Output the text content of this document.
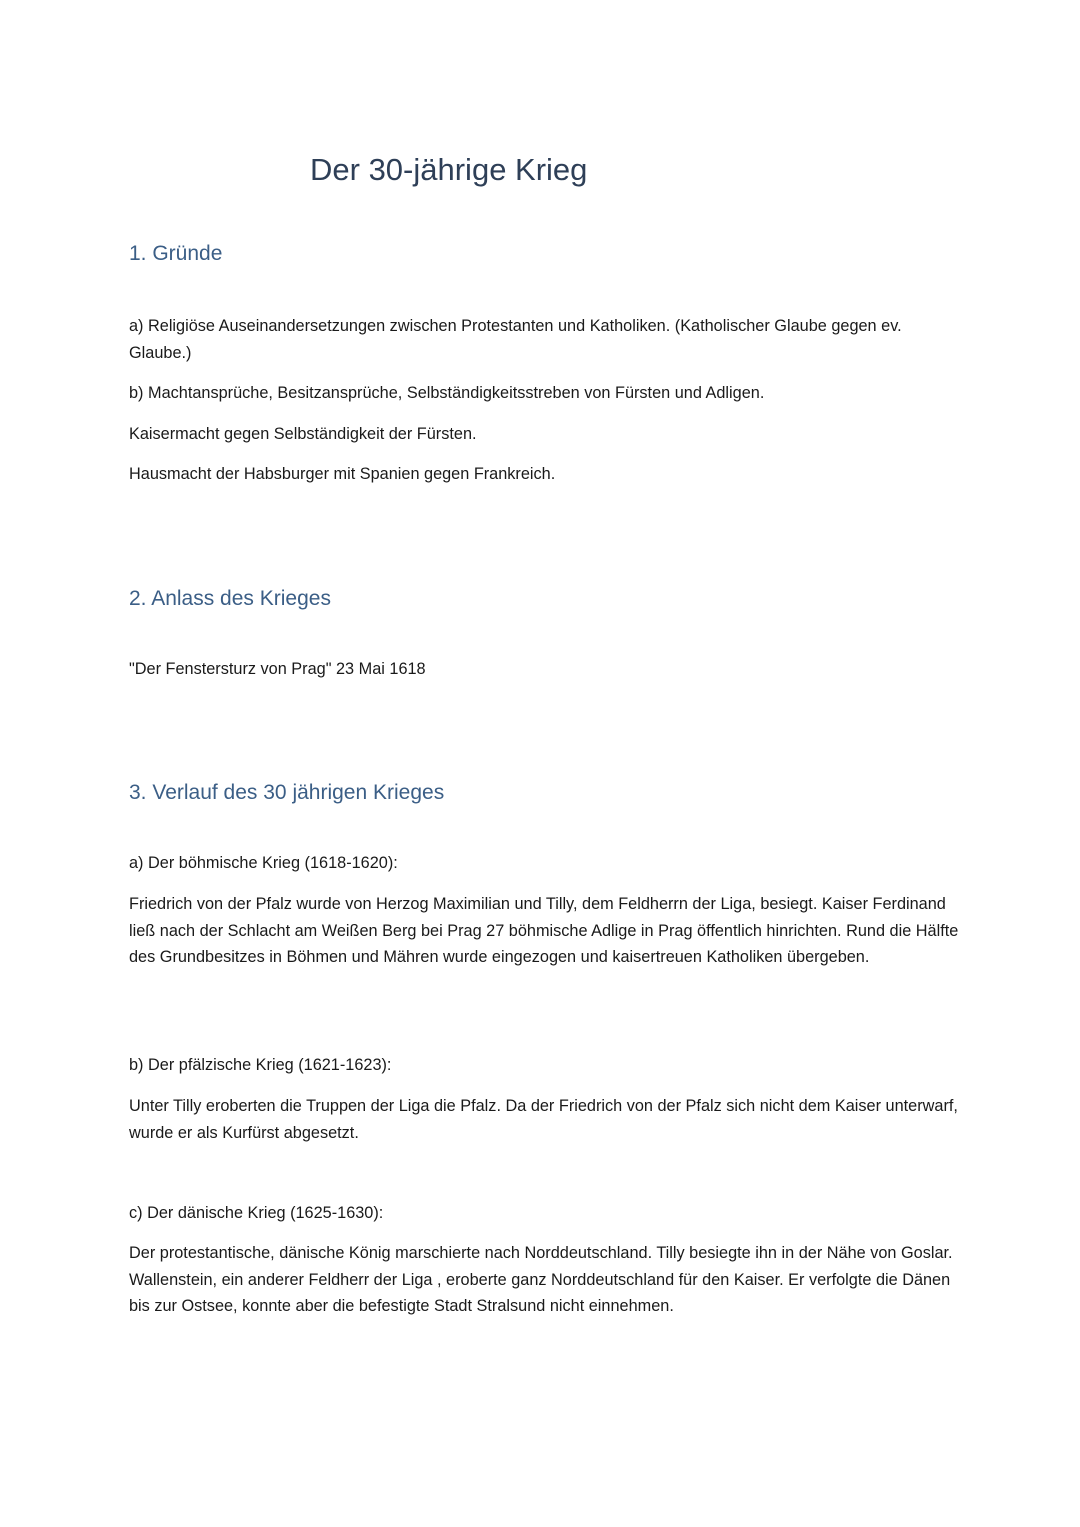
Der 30-jährige Krieg
1. Gründe

a) Religiöse Auseinandersetzungen zwischen Protestanten und Katholiken. (Katholischer Glaube gegen ev. Glaube.)

b) Machtansprüche, Besitzansprüche, Selbständigkeitsstreben von Fürsten und Adligen.

Kaisermacht gegen Selbständigkeit der Fürsten.

Hausmacht der Habsburger mit Spanien gegen Frankreich.

2. Anlass des Krieges

"Der Fenstersturz von Prag" 23 Mai 1618

3. Verlauf des 30 jährigen Krieges

a) Der böhmische Krieg (1618-1620):

Friedrich von der Pfalz wurde von Herzog Maximilian und Tilly, dem Feldherrn der Liga, besiegt. Kaiser Ferdinand ließ nach der Schlacht am Weißen Berg bei Prag 27 böhmische Adlige in Prag öffentlich hinrichten. Rund die Hälfte des Grundbesitzes in Böhmen und Mähren wurde eingezogen und kaisertreuen Katholiken übergeben.

b) Der pfälzische Krieg (1621-1623):

Unter Tilly eroberten die Truppen der Liga die Pfalz. Da der Friedrich von der Pfalz sich nicht dem Kaiser unterwarf, wurde er als Kurfürst abgesetzt.

c) Der dänische Krieg (1625-1630):

Der protestantische, dänische König marschierte nach Norddeutschland. Tilly besiegte ihn in der Nähe von Goslar. Wallenstein, ein anderer Feldherr der Liga , eroberte ganz Norddeutschland für den Kaiser. Er verfolgte die Dänen bis zur Ostsee, konnte aber die befestigte Stadt Stralsund nicht einnehmen.
